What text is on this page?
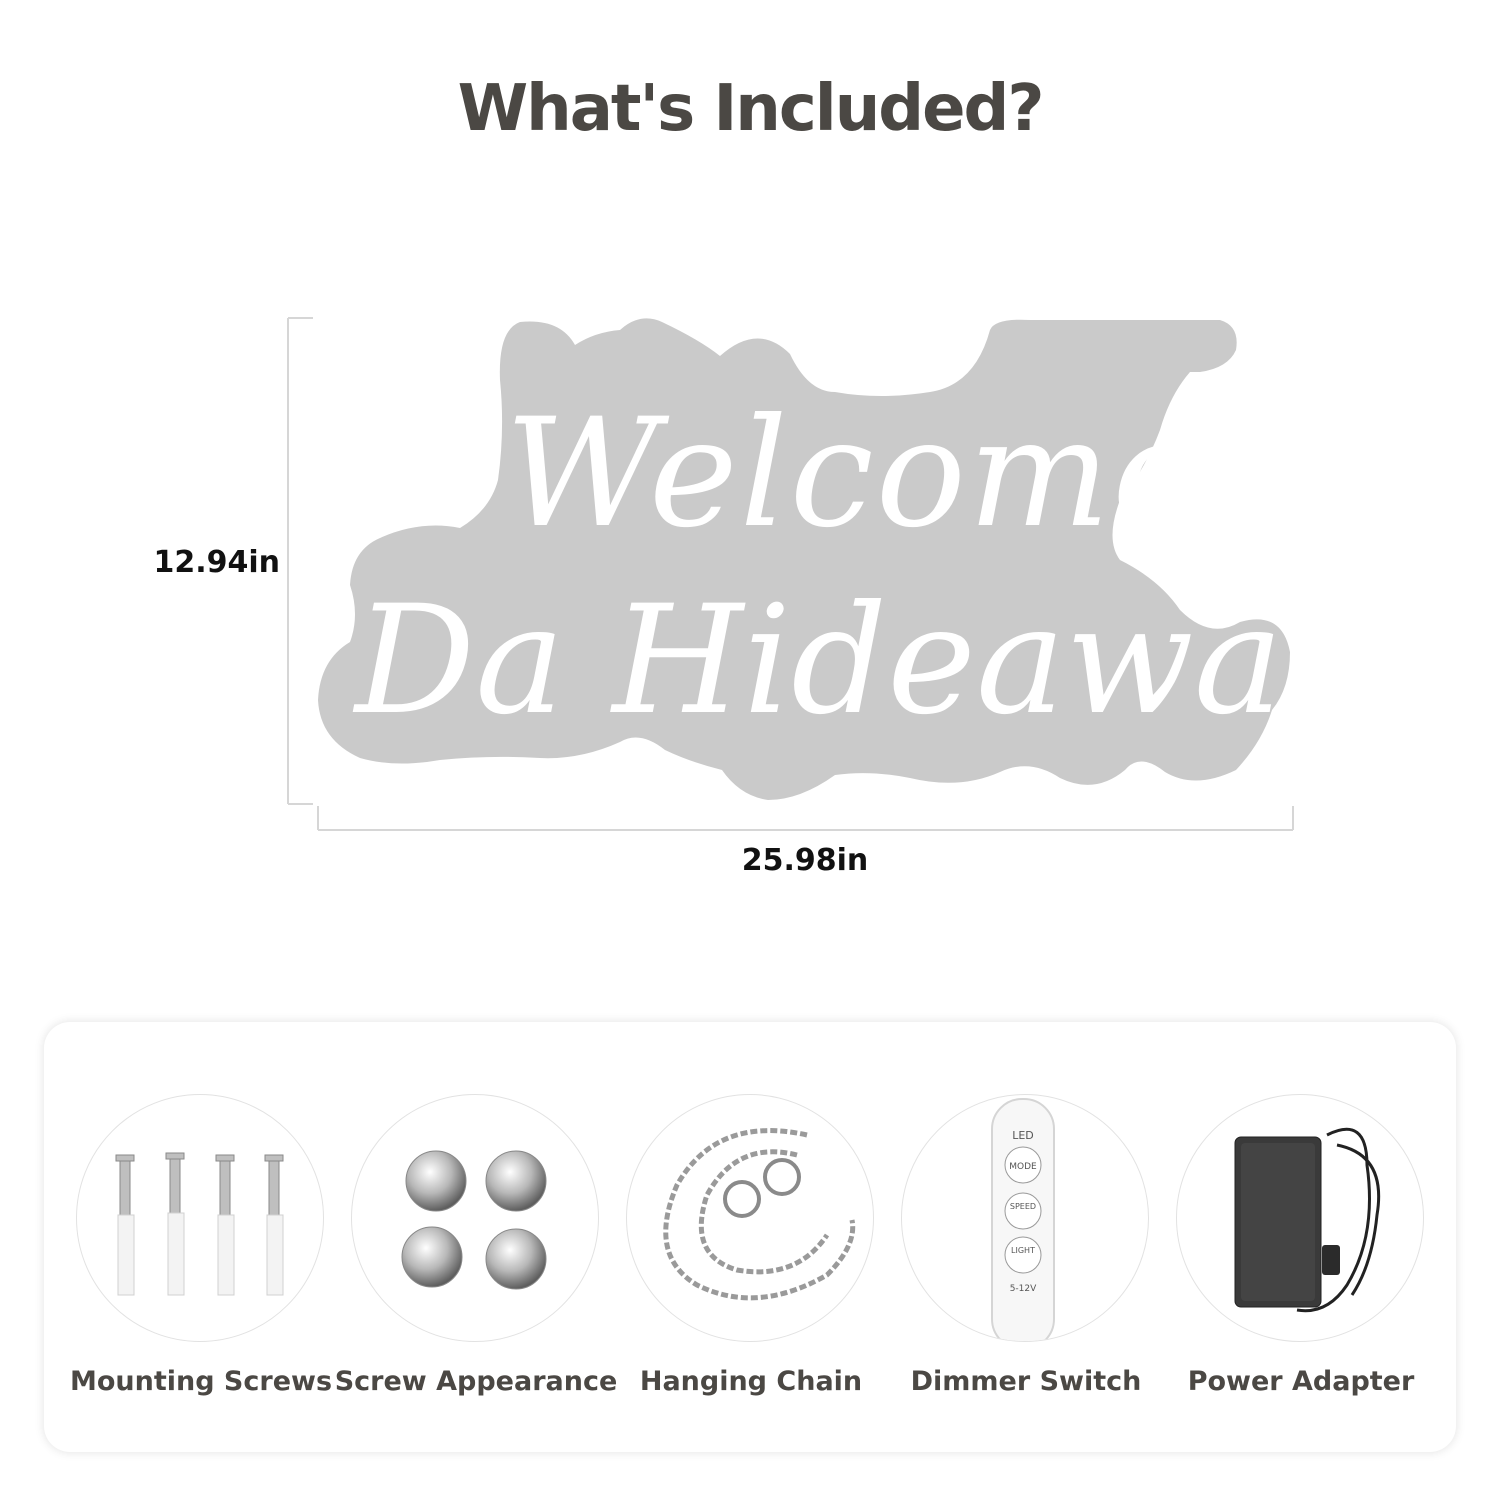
What's Included?
Welcome To
Da Hideaway
12.94in
25.98in
Mounting Screws Screw Appearance Hanging Chain
LED
MODE
SPEED
LIGHT
5-12V
Dimmer Switch	Power Adapter
